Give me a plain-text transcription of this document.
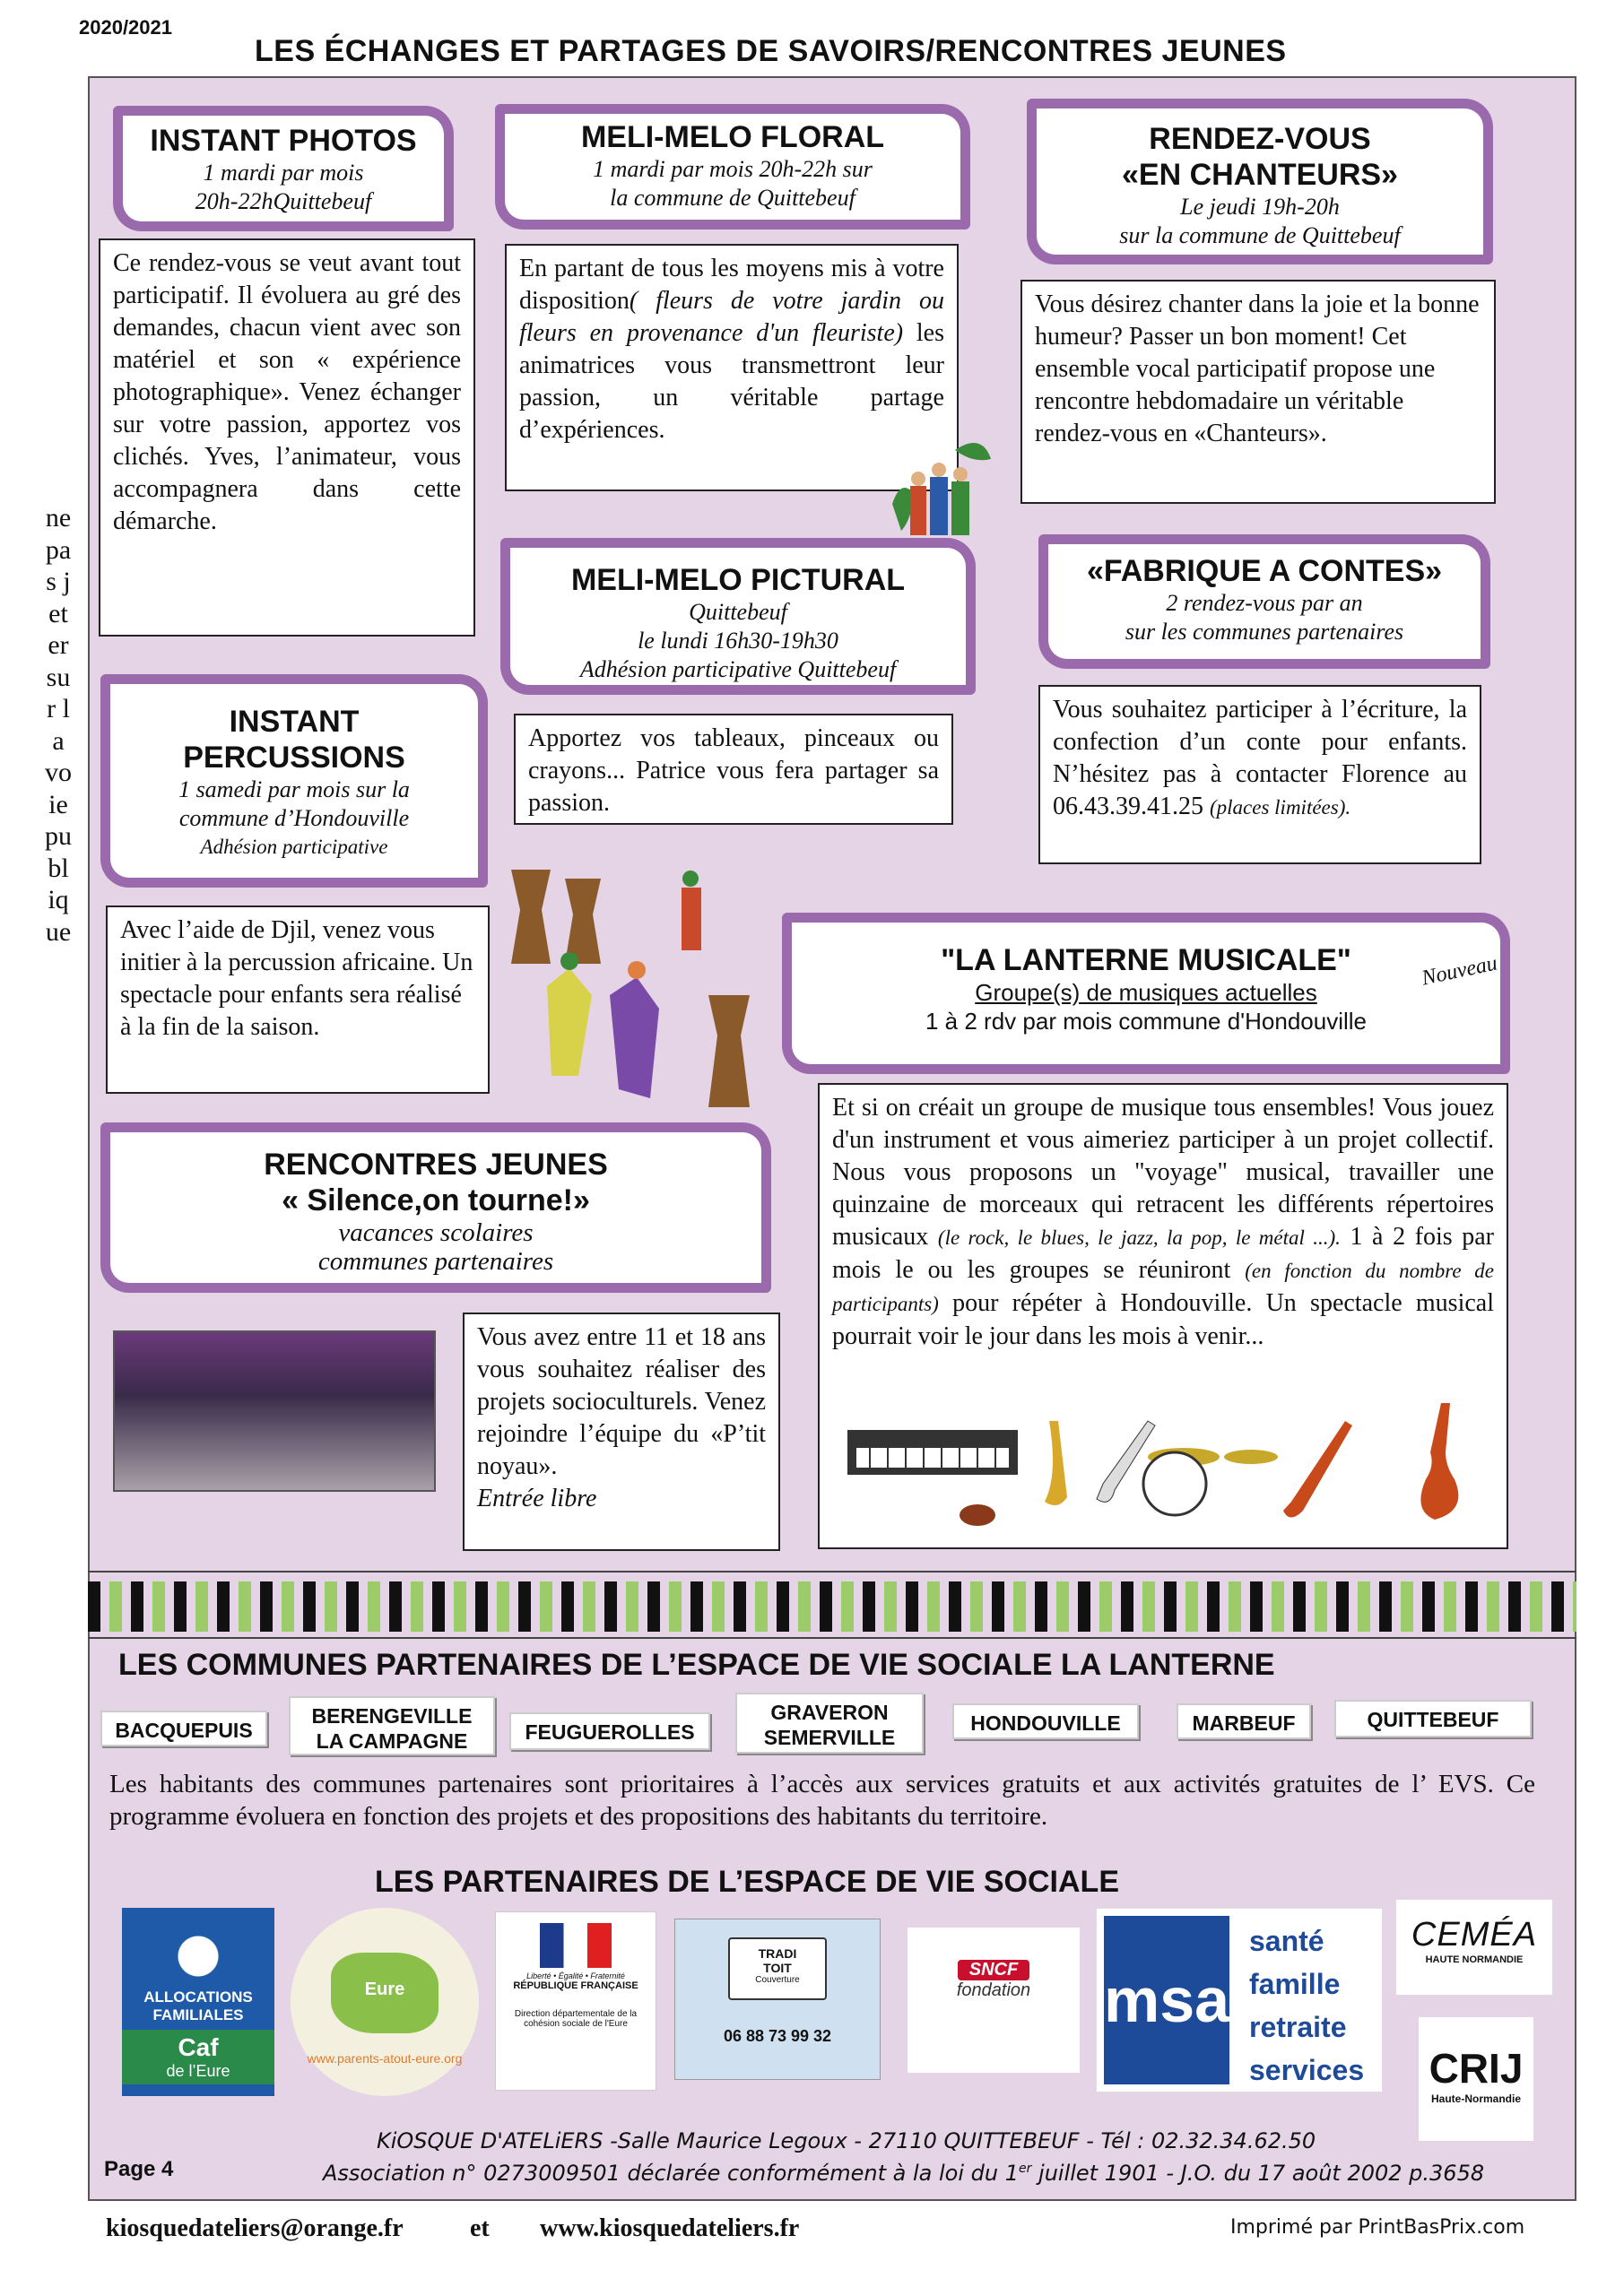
2020/2021
LES ÉCHANGES ET PARTAGES DE SAVOIRS/RENCONTRES JEUNES
ne pas jeter sur la voie publique
INSTANT PHOTOS
1 mardi par mois
20h-22hQuittebeuf
Ce rendez-vous se veut avant tout participatif. Il évoluera au gré des demandes, chacun vient avec son matériel et son « expérience photographique». Venez échanger sur votre passion, apportez vos clichés. Yves, l’animateur, vous accompagnera dans cette démarche.
MELI-MELO FLORAL
1 mardi par mois 20h-22h sur
la commune de Quittebeuf
En partant de tous les moyens mis à votre disposition( fleurs de votre jardin ou fleurs en provenance d'un fleuriste) les animatrices vous transmettront leur passion, un véritable partage d’expériences.
RENDEZ-VOUS
«EN CHANTEURS»
Le jeudi 19h-20h
sur la commune de Quittebeuf
Vous désirez chanter dans la joie et la bonne humeur? Passer un bon moment! Cet ensemble vocal participatif propose une rencontre hebdomadaire un véritable rendez-vous en «Chanteurs».
MELI-MELO PICTURAL
Quittebeuf
le lundi 16h30-19h30
Adhésion participative Quittebeuf
Apportez vos tableaux, pinceaux ou crayons... Patrice vous fera partager sa passion.
«FABRIQUE A CONTES»
2 rendez-vous par an
sur les communes partenaires
Vous souhaitez participer à l’écriture, la confection d’un conte pour enfants. N’hésitez pas à contacter Florence au 06.43.39.41.25 (places limitées).
INSTANT
PERCUSSIONS
1 samedi par mois sur la
commune d’Hondouville
Adhésion participative
Avec l’aide de Djil, venez vous initier à la percussion africaine. Un spectacle pour enfants sera réalisé à la fin de la saison.
"LA LANTERNE MUSICALE"
Groupe(s) de musiques actuelles
1 à 2 rdv par mois commune d'Hondouville
Nouveau
Et si on créait un groupe de musique tous ensembles! Vous jouez d'un instrument et vous aimeriez participer à un projet collectif. Nous vous proposons un "voyage" musical, travailler une quinzaine de morceaux qui retracent les différents répertoires musicaux (le rock, le blues, le jazz, la pop, le métal ...). 1 à 2 fois par mois le ou les groupes se réuniront (en fonction du nombre de participants) pour répéter à Hondouville. Un spectacle musical pourrait voir le jour dans les mois à venir...
RENCONTRES JEUNES
« Silence,on tourne!»
vacances scolaires
communes partenaires
Vous avez entre 11 et 18 ans vous souhaitez réaliser des projets socioculturels. Venez rejoindre l’équipe du «P’tit noyau».
Entrée libre
LES COMMUNES PARTENAIRES DE L’ESPACE DE VIE SOCIALE LA LANTERNE
BACQUEPUIS
BERENGEVILLE LA CAMPAGNE	FEUGUEROLLES
GRAVERON SEMERVILLE
HONDOUVILLE	MARBEUF	QUITTEBEUF
Les habitants des communes partenaires sont prioritaires à l’accès aux services gratuits et aux activités gratuites de l’ EVS. Ce programme évoluera en fonction des projets et des propositions des habitants du territoire.
LES PARTENAIRES DE L’ESPACE DE VIE SOCIALE
ALLOCATIONS
FAMILIALES
Caf
de l’Eure
Eure
www.parents-atout-eure.org
Liberté • Égalité • Fraternité
RÉPUBLIQUE FRANÇAISE
Direction départementale de la cohésion sociale de l'Eure
TRADI
TOIT
Couverture
06 88 73 99 32
SNCF
fondation	msa
santé
famille
retraite
services
CEMÉA
HAUTE NORMANDIE
CRIJ
Haute-Normandie
KiOSQUE D'ATELiERS -Salle Maurice Legoux - 27110 QUITTEBEUF - Tél : 02.32.34.62.50
Association n° 0273009501 déclarée conformément à la loi du 1er juillet 1901 - J.O. du 17 août 2002 p.3658
Page 4
kiosquedateliers@orange.fr	et www.kiosquedateliers.fr	Imprimé par PrintBasPrix.com
